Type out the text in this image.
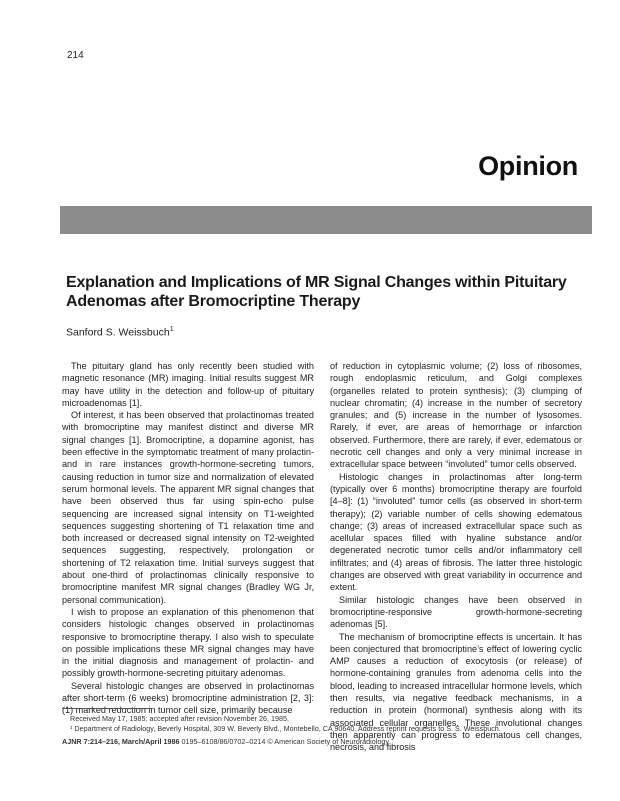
214
Opinion
Explanation and Implications of MR Signal Changes within Pituitary Adenomas after Bromocriptine Therapy
Sanford S. Weissbuch$^1$

The pituitary gland has only recently been studied with magnetic resonance (MR) imaging. Initial results suggest MR may have utility in the detection and follow-up of pituitary microadenomas [1].

Of interest, it has been observed that prolactinomas treated with bromocriptine may manifest distinct and diverse MR signal changes [1]. Bromocriptine, a dopamine agonist, has been effective in the symptomatic treatment of many prolactin- and in rare instances growth-hormone-secreting tumors, causing reduction in tumor size and normalization of elevated serum hormonal levels. The apparent MR signal changes that have been observed thus far using spin-echo pulse sequencing are increased signal intensity on T1-weighted sequences suggesting shortening of T1 relaxation time and both increased or decreased signal intensity on T2-weighted sequences suggesting, respectively, prolongation or shortening of T2 relaxation time. Initial surveys suggest that about one-third of prolactinomas clinically responsive to bromocriptine manifest MR signal changes (Bradley WG Jr, personal communication).

I wish to propose an explanation of this phenomenon that considers histologic changes observed in prolactinomas responsive to bromocriptine therapy. I also wish to speculate on possible implications these MR signal changes may have in the initial diagnosis and management of prolactin- and possibly growth-hormone-secreting pituitary adenomas.

Several histologic changes are observed in prolactinomas after short-term (6 weeks) bromocriptine administration [2, 3]: (1) marked reduction in tumor cell size, primarily because

of reduction in cytoplasmic volume; (2) loss of ribosomes, rough endoplasmic reticulum, and Golgi complexes (organelles related to protein synthesis); (3) clumping of nuclear chromatin; (4) increase in the number of secretory granules; and (5) increase in the number of lysosomes. Rarely, if ever, are areas of hemorrhage or infarction observed. Furthermore, there are rarely, if ever, edematous or necrotic cell changes and only a very minimal increase in extracellular space between “involuted” tumor cells observed.

Histologic changes in prolactinomas after long-term (typically over 6 months) bromocriptine therapy are fourfold [4–8]: (1) “involuted” tumor cells (as observed in short-term therapy); (2) variable number of cells showing edematous change; (3) areas of increased extracellular space such as acellular spaces filled with hyaline substance and/or degenerated necrotic tumor cells and/or inflammatory cell infiltrates; and (4) areas of fibrosis. The latter three histologic changes are observed with great variability in occurrence and extent.

Similar histologic changes have been observed in bromocriptine-responsive growth-hormone-secreting adenomas [5].

The mechanism of bromocriptine effects is uncertain. It has been conjectured that bromocriptine’s effect of lowering cyclic AMP causes a reduction of exocytosis (or release) of hormone-containing granules from adenoma cells into the blood, leading to increased intracellular hormone levels, which then results, via negative feedback mechanisms, in a reduction in protein (hormonal) synthesis along with its associated cellular organelles. These involutional changes then apparently can progress to edematous cell changes, necrosis, and fibrosis

Received May 17, 1985; accepted after revision November 26, 1985.
¹ Department of Radiology, Beverly Hospital, 309 W. Beverly Blvd., Montebello, CA 90640. Address reprint requests to S. S. Weissbuch.
AJNR 7:214–216, March/April 1986 0195–6108/86/0702–0214 © American Society of Neuroradiology
